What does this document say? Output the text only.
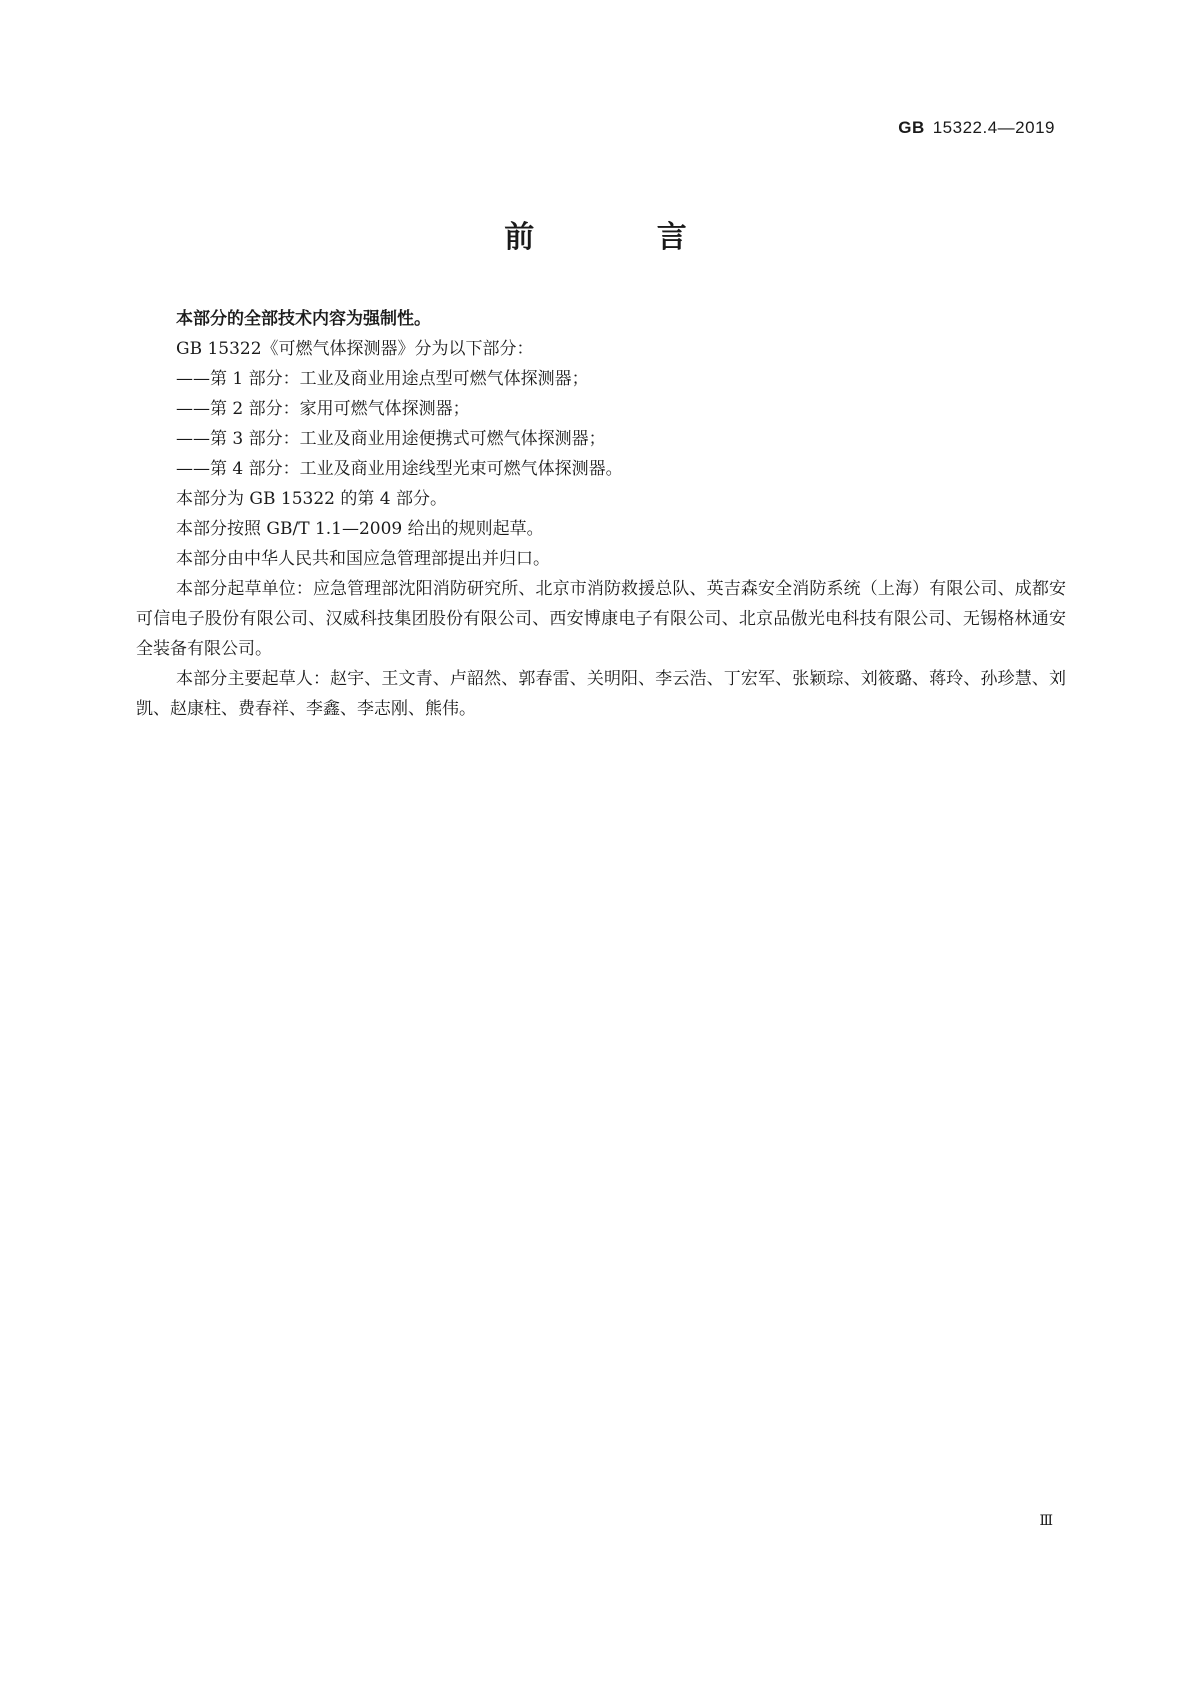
GB 15322.4—2019
前 言

本部分的全部技术内容为强制性。

GB 15322《可燃气体探测器》分为以下部分：

——第 1 部分：工业及商业用途点型可燃气体探测器；

——第 2 部分：家用可燃气体探测器；

——第 3 部分：工业及商业用途便携式可燃气体探测器；

——第 4 部分：工业及商业用途线型光束可燃气体探测器。

本部分为 GB 15322 的第 4 部分。

本部分按照 GB/T 1.1—2009 给出的规则起草。

本部分由中华人民共和国应急管理部提出并归口。

本部分起草单位：应急管理部沈阳消防研究所、北京市消防救援总队、英吉森安全消防系统（上海）有限公司、成都安可信电子股份有限公司、汉威科技集团股份有限公司、西安博康电子有限公司、北京品傲光电科技有限公司、无锡格林通安全装备有限公司。

本部分主要起草人：赵宇、王文青、卢韶然、郭春雷、关明阳、李云浩、丁宏军、张颖琮、刘筱璐、蒋玲、孙珍慧、刘凯、赵康柱、费春祥、李鑫、李志刚、熊伟。

Ⅲ
